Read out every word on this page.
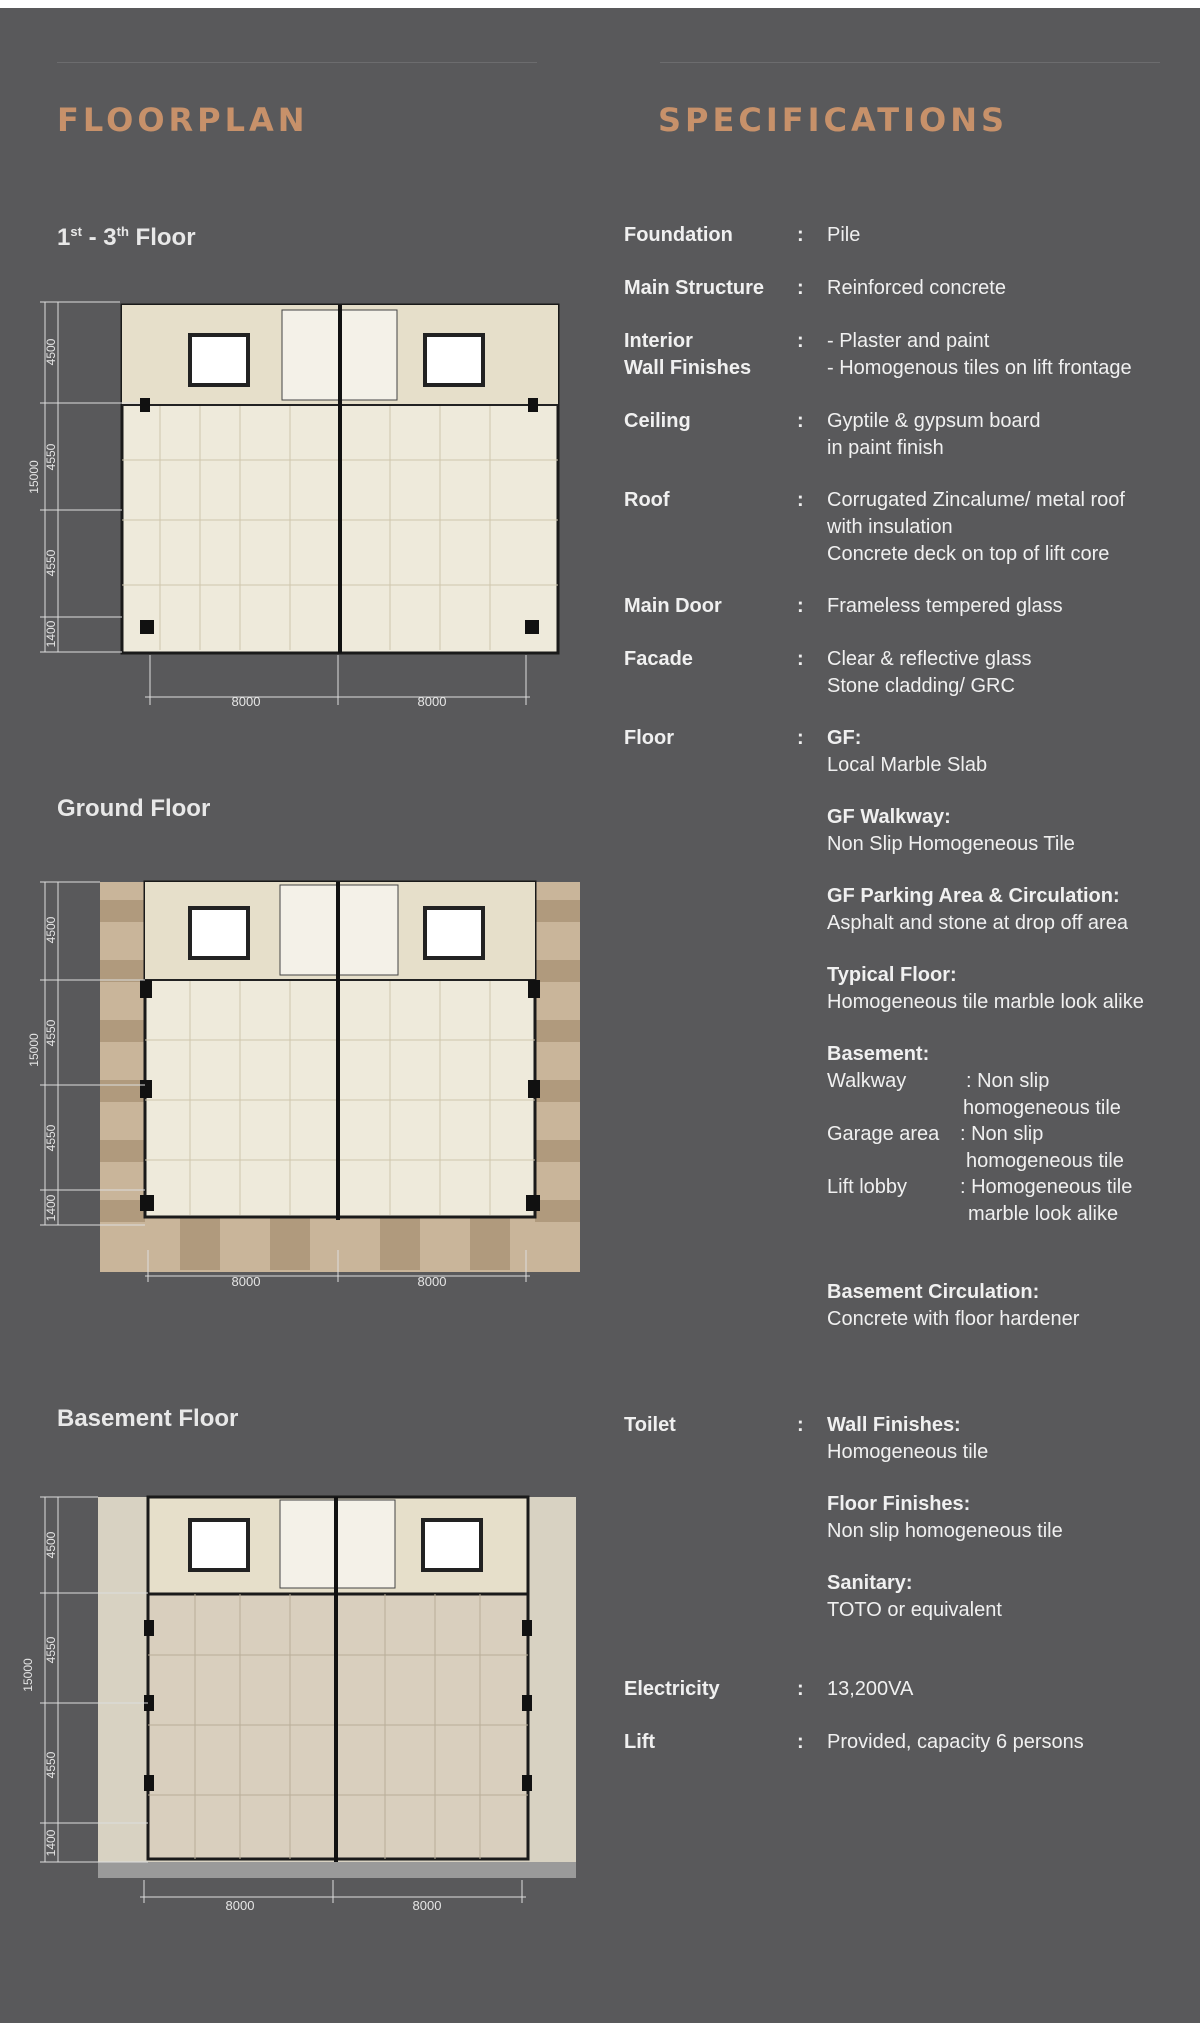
FLOORPLAN	SPECIFICATIONS
1st - 3th Floor
Ground Floor
Basement Floor
15000
4500
4550
4550
1400
8000	8000
15000
4500
4550
4550
1400
8000	8000
15000
4500
4550
4550
1400
8000	8000
Foundation	: Pile
Main Structure	: Reinforced concrete
Interior
Wall Finishes
: - Plaster and paint
- Homogenous tiles on lift frontage
Ceiling	: Gyptile & gypsum board
in paint finish
Roof	: Corrugated Zincalume/ metal roof
with insulation
Concrete deck on top of lift core
Main Door	: Frameless tempered glass
Facade	: Clear & reflective glass
Stone cladding/ GRC
Floor	: GF:
Local Marble Slab
GF Walkway:
Non Slip Homogeneous Tile
GF Parking Area & Circulation:
Asphalt and stone at drop off area
Typical Floor:
Homogeneous tile marble look alike
Basement:
Walkway	: Non slip
homogeneous tile
Garage area : Non slip
homogeneous tile
Lift lobby	: Homogeneous tile
marble look alike
Basement Circulation:
Concrete with floor hardener
Toilet	: Wall Finishes:
Homogeneous tile
Floor Finishes:
Non slip homogeneous tile
Sanitary:
TOTO or equivalent
Electricity	: 13,200VA
Lift	: Provided, capacity 6 persons
